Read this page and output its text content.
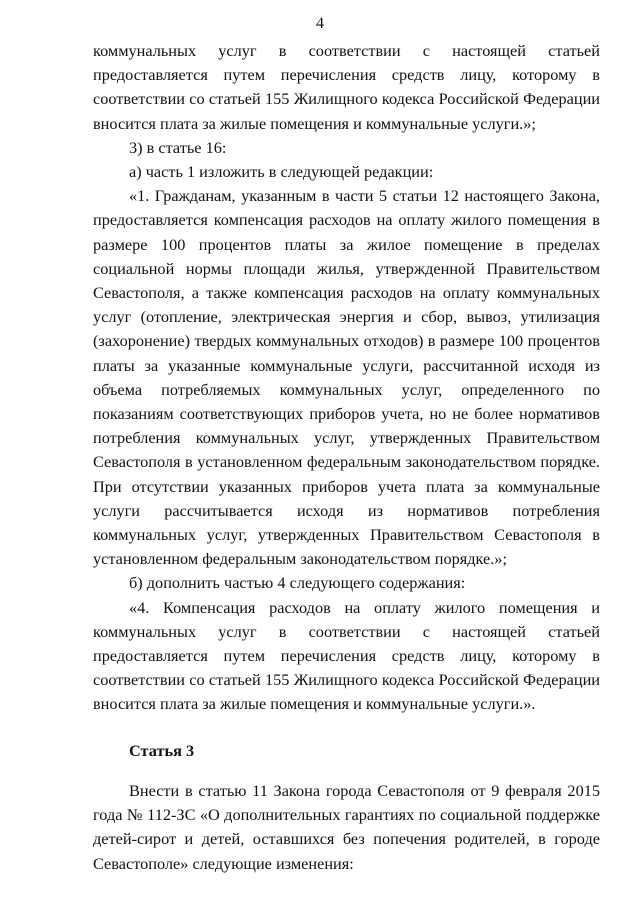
4

коммунальных услуг в соответствии с настоящей статьей предоставляется путем перечисления средств лицу, которому в соответствии со статьей 155 Жилищного кодекса Российской Федерации вносится плата за жилые помещения и коммунальные услуги.»;

3) в статье 16:

а) часть 1 изложить в следующей редакции:

«1. Гражданам, указанным в части 5 статьи 12 настоящего Закона, предоставляется компенсация расходов на оплату жилого помещения в размере 100 процентов платы за жилое помещение в пределах социальной нормы площади жилья, утвержденной Правительством Севастополя, а также компенсация расходов на оплату коммунальных услуг (отопление, электрическая энергия и сбор, вывоз, утилизация (захоронение) твердых коммунальных отходов) в размере 100 процентов платы за указанные коммунальные услуги, рассчитанной исходя из объема потребляемых коммунальных услуг, определенного по показаниям соответствующих приборов учета, но не более нормативов потребления коммунальных услуг, утвержденных Правительством Севастополя в установленном федеральным законодательством порядке. При отсутствии указанных приборов учета плата за коммунальные услуги рассчитывается исходя из нормативов потребления коммунальных услуг, утвержденных Правительством Севастополя в установленном федеральным законодательством порядке.»;

б) дополнить частью 4 следующего содержания:

«4. Компенсация расходов на оплату жилого помещения и коммунальных услуг в соответствии с настоящей статьей предоставляется путем перечисления средств лицу, которому в соответствии со статьей 155 Жилищного кодекса Российской Федерации вносится плата за жилые помещения и коммунальные услуги.».

Статья 3

Внести в статью 11 Закона города Севастополя от 9 февраля 2015 года № 112-ЗС «О дополнительных гарантиях по социальной поддержке детей-сирот и детей, оставшихся без попечения родителей, в городе Севастополе» следующие изменения:
